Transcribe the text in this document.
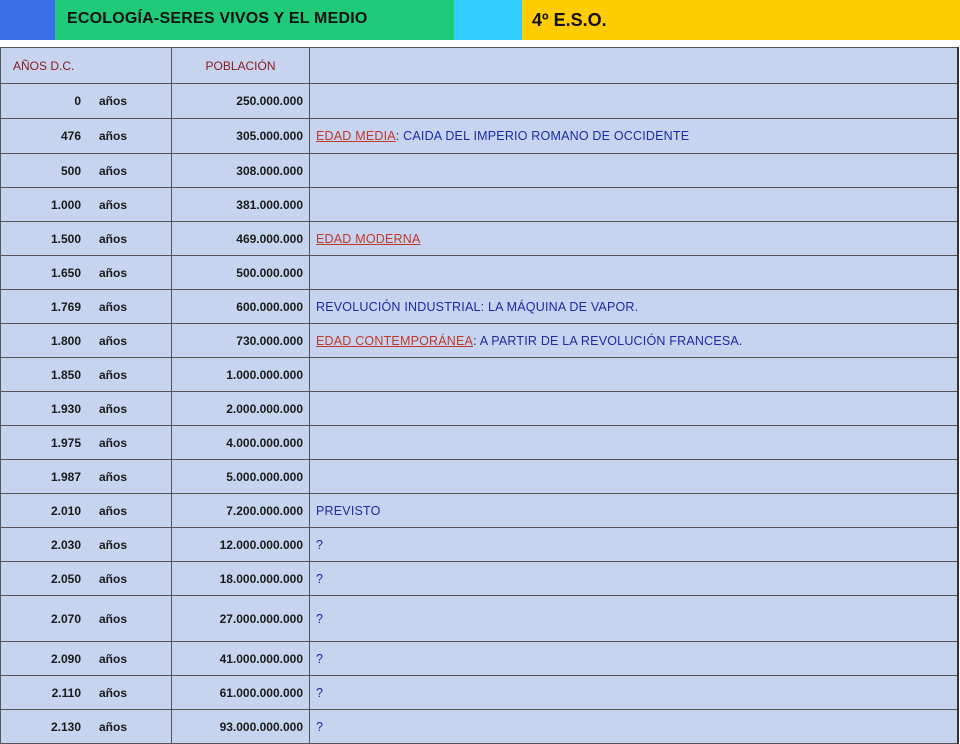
ECOLOGÍA-SERES VIVOS Y EL MEDIO	4º E.S.O.
AÑOS D.C.	POBLACIÓN	
0 años	250.000.000	
476 años	305.000.000	EDAD MEDIA: CAIDA DEL IMPERIO ROMANO DE OCCIDENTE
500 años	308.000.000	
1.000 años	381.000.000	
1.500 años	469.000.000	EDAD MODERNA
1.650 años	500.000.000	
1.769 años	600.000.000	REVOLUCIÓN INDUSTRIAL: LA MÁQUINA DE VAPOR.
1.800 años	730.000.000	EDAD CONTEMPORÁNEA: A PARTIR DE LA REVOLUCIÓN FRANCESA.
1.850 años	1.000.000.000	
1.930 años	2.000.000.000	
1.975 años	4.000.000.000	
1.987 años	5.000.000.000	
2.010 años	7.200.000.000	PREVISTO
2.030 años	12.000.000.000	?
2.050 años	18.000.000.000	?
2.070 años	27.000.000.000	?
2.090 años	41.000.000.000	?
2.110 años	61.000.000.000	?
2.130 años	93.000.000.000	?
